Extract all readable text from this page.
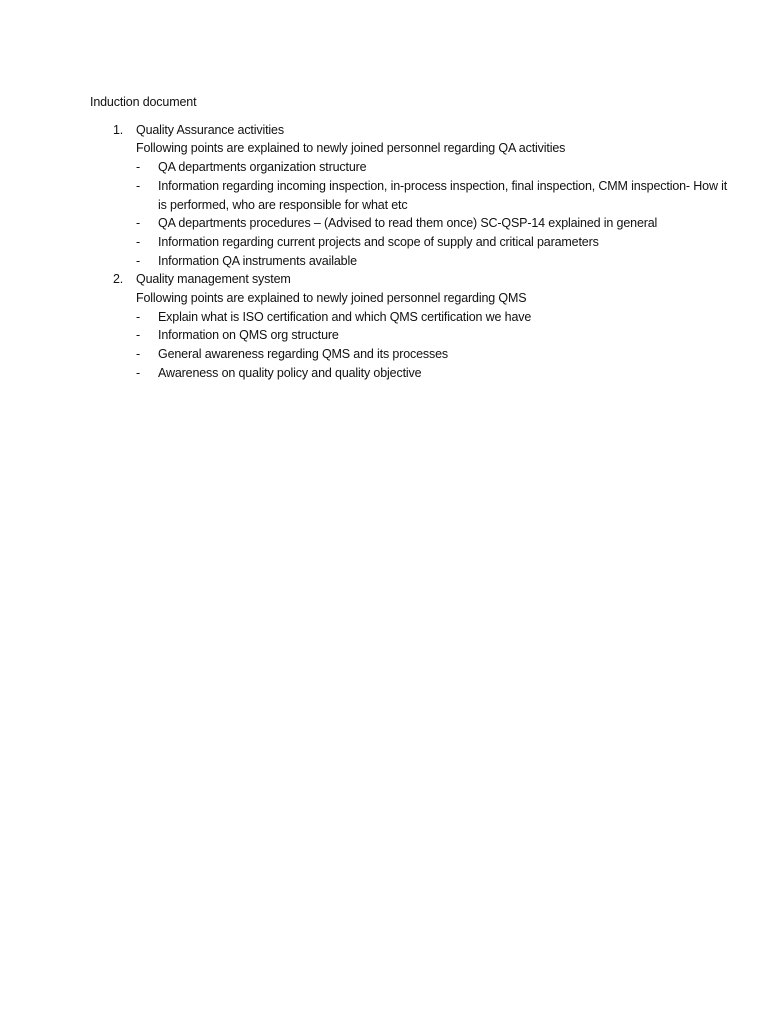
Induction document
1. Quality Assurance activities
Following points are explained to newly joined personnel regarding QA activities
- QA departments organization structure
- Information regarding incoming inspection, in-process inspection, final inspection, CMM inspection- How it is performed, who are responsible for what etc
- QA departments procedures – (Advised to read them once) SC-QSP-14 explained in general
- Information regarding current projects and scope of supply and critical parameters
- Information QA instruments available
2. Quality management system
Following points are explained to newly joined personnel regarding QMS
- Explain what is ISO certification and which QMS certification we have
- Information on QMS org structure
- General awareness regarding QMS and its processes
- Awareness on quality policy and quality objective
